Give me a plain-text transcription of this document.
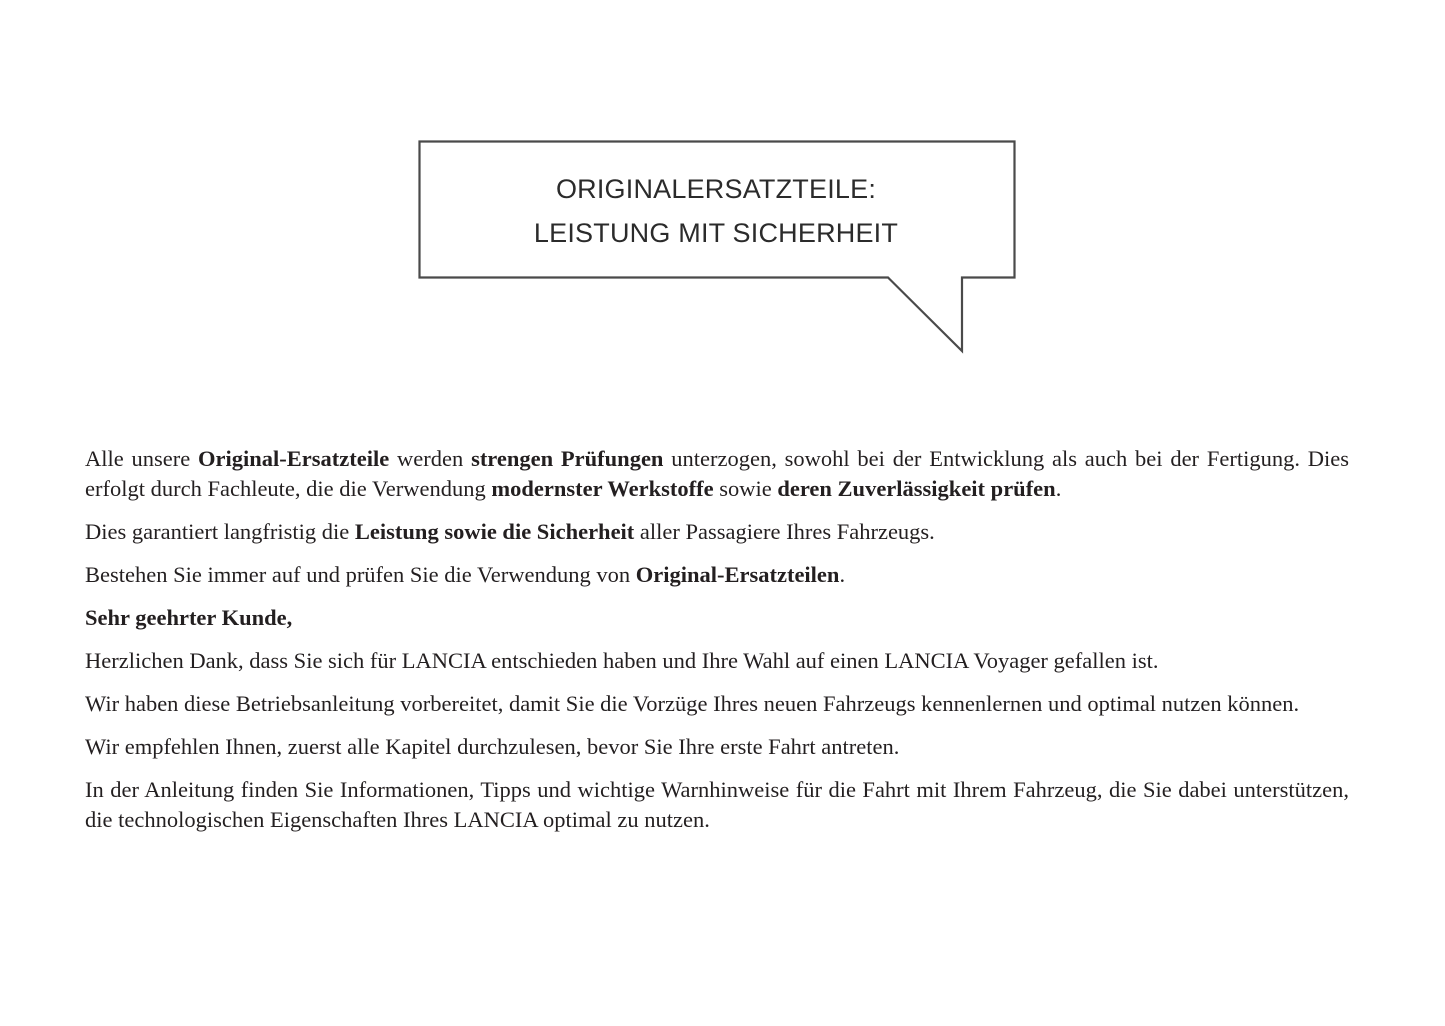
ORIGINALERSATZTEILE:
LEISTUNG MIT SICHERHEIT

Alle unsere Original-Ersatzteile werden strengen Prüfungen unterzogen, sowohl bei der Entwicklung als auch bei der Fertigung. Dies erfolgt durch Fachleute, die die Verwendung modernster Werkstoffe sowie deren Zuverlässigkeit prüfen.

Dies garantiert langfristig die Leistung sowie die Sicherheit aller Passagiere Ihres Fahrzeugs.

Bestehen Sie immer auf und prüfen Sie die Verwendung von Original-Ersatzteilen.

Sehr geehrter Kunde,

Herzlichen Dank, dass Sie sich für LANCIA entschieden haben und Ihre Wahl auf einen LANCIA Voyager gefallen ist.

Wir haben diese Betriebsanleitung vorbereitet, damit Sie die Vorzüge Ihres neuen Fahrzeugs kennenlernen und optimal nutzen können.

Wir empfehlen Ihnen, zuerst alle Kapitel durchzulesen, bevor Sie Ihre erste Fahrt antreten.

In der Anleitung finden Sie Informationen, Tipps und wichtige Warnhinweise für die Fahrt mit Ihrem Fahrzeug, die Sie dabei unterstützen, die technologischen Eigenschaften Ihres LANCIA optimal zu nutzen.
